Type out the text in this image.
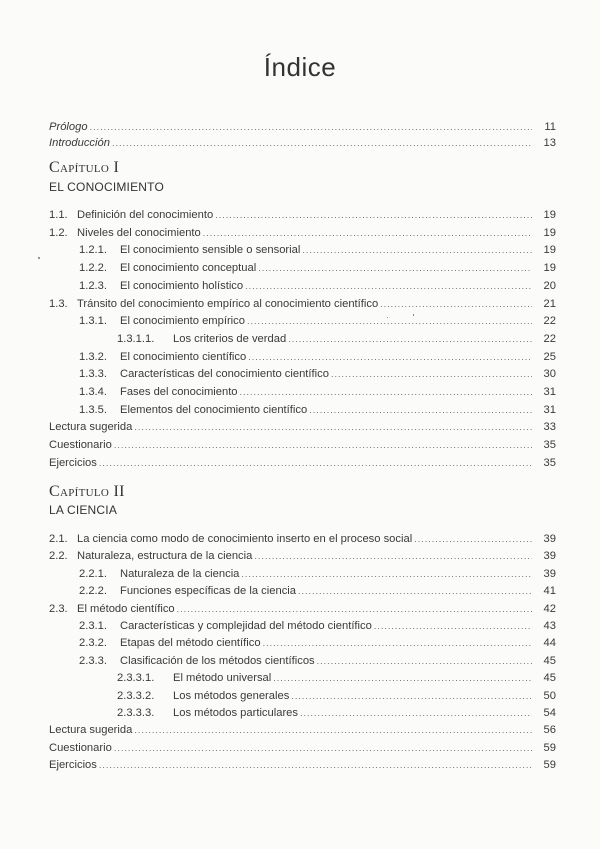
Índice
Prólogo .....	11
Introducción .....	13
Capítulo I
EL CONOCIMIENTO
1.1. Definición del conocimiento .....	19
1.2. Niveles del conocimiento .....	19
1.2.1.	El conocimiento sensible o sensorial .....	19
1.2.2.	El conocimiento conceptual .....	19
1.2.3.	El conocimiento holístico .....	20
1.3. Tránsito del conocimiento empírico al conocimiento científico .....	21
1.3.1.	El conocimiento empírico .....	22
1.3.1.1.	Los criterios de verdad .....	22
1.3.2.	El conocimiento científico .....	25
1.3.3.	Características del conocimiento científico .....	30
1.3.4.	Fases del conocimiento .....	31
1.3.5.	Elementos del conocimiento científico .....	31
Lectura sugerida .....	33
Cuestionario .....	35
Ejercicios .....	35
Capítulo II
LA CIENCIA
2.1. La ciencia como modo de conocimiento inserto en el proceso social .....	39
2.2. Naturaleza, estructura de la ciencia .....	39
2.2.1.	Naturaleza de la ciencia .....	39
2.2.2.	Funciones específicas de la ciencia .....	41
2.3. El método científico .....	42
2.3.1.	Características y complejidad del método científico .....	43
2.3.2.	Etapas del método científico .....	44
2.3.3.	Clasificación de los métodos científicos .....	45
2.3.3.1.	El método universal .....	45
2.3.3.2.	Los métodos generales .....	50
2.3.3.3.	Los métodos particulares .....	54
Lectura sugerida .....	56
Cuestionario .....	59
Ejercicios .....	59
